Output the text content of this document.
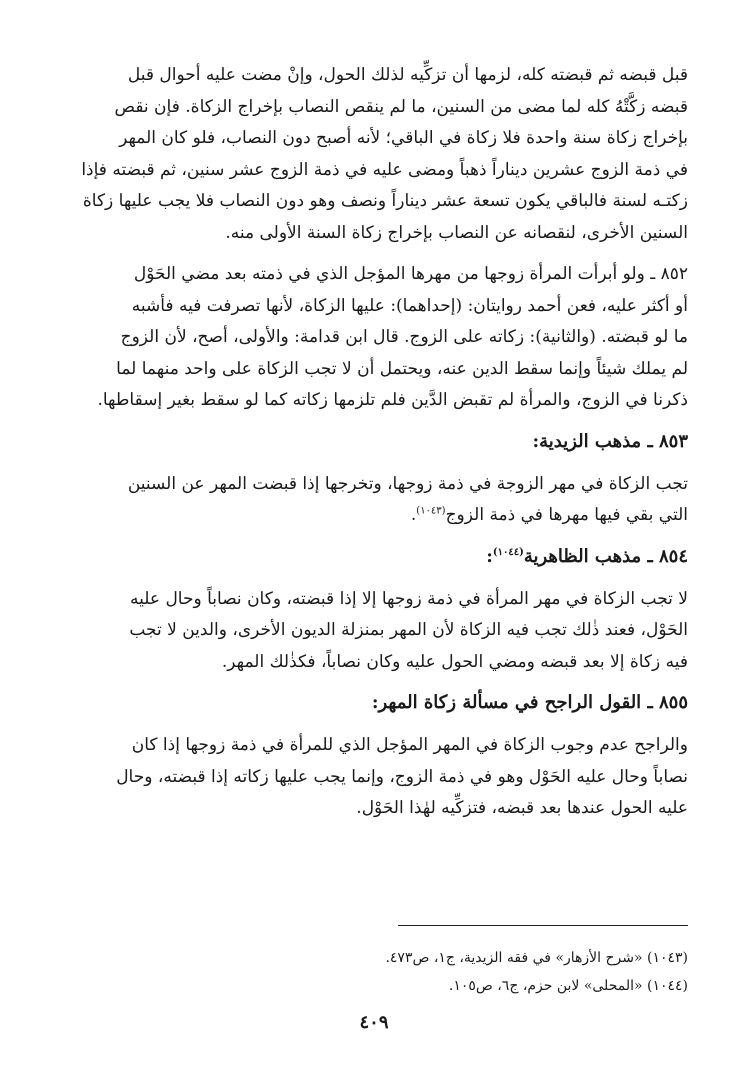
قبل قبضه ثم قبضته كله، لزمها أن تزكِّيه لذلك الحول، وإنْ مضت عليه أحوال قبل
قبضه زكَّتْهُ كله لما مضى من السنين، ما لم ينقص النصاب بإخراج الزكاة. فإن نقص
بإخراج زكاة سنة واحدة فلا زكاة في الباقي؛ لأنه أصبح دون النصاب، فلو كان المهر
في ذمة الزوج عشرين ديناراً ذهباً ومضى عليه في ذمة الزوج عشر سنين، ثم قبضته فإذا
زكتـه لسنة فالباقي يكون تسعة عشر ديناراً ونصف وهو دون النصاب فلا يجب عليها زكاة
السنين الأخرى، لنقصانه عن النصاب بإخراج زكاة السنة الأولى منه.
٨٥٢ ـ ولو أبرأت المرأة زوجها من مهرها المؤجل الذي في ذمته بعد مضي الحَوْل
أو أكثر عليه، فعن أحمد روايتان: (إحداهما): عليها الزكاة، لأنها تصرفت فيه فأشبه
ما لو قبضته. (والثانية): زكاته على الزوج. قال ابن قدامة: والأولى، أصح، لأن الزوج
لم يملك شيئاً وإنما سقط الدين عنه، ويحتمل أن لا تجب الزكاة على واحد منهما لما
ذكرنا في الزوج، والمرأة لم تقبض الدَّين فلم تلزمها زكاته كما لو سقط بغير إسقاطها.
٨٥٣ ـ مذهب الزيدية:
تجب الزكاة في مهر الزوجة في ذمة زوجها، وتخرجها إذا قبضت المهر عن السنين
التي بقي فيها مهرها في ذمة الزوج$^{(١٠٤٣)}$.
٨٥٤ ـ مذهب الظاهرية$^{(١٠٤٤)}$:
لا تجب الزكاة في مهر المرأة في ذمة زوجها إلا إذا قبضته، وكان نصاباً وحال عليه
الحَوْل، فعند ذٰلك تجب فيه الزكاة لأن المهر بمنزلة الديون الأخرى، والدين لا تجب
فيه زكاة إلا بعد قبضه ومضي الحول عليه وكان نصاباً، فكذٰلك المهر.
٨٥٥ ـ القول الراجح في مسألة زكاة المهر:
والراجح عدم وجوب الزكاة في المهر المؤجل الذي للمرأة في ذمة زوجها إذا كان
نصاباً وحال عليه الحَوْل وهو في ذمة الزوج، وإنما يجب عليها زكاته إذا قبضته، وحال
عليه الحول عندها بعد قبضه، فتزكِّيه لهٰذا الحَوْل.
(١٠٤٣) «شرح الأزهار» في فقه الزيدية، ج١، ص٤٧٣.
(١٠٤٤) «المحلى» لابن حزم، ج٦، ص١٠٥.
٤٠٩
